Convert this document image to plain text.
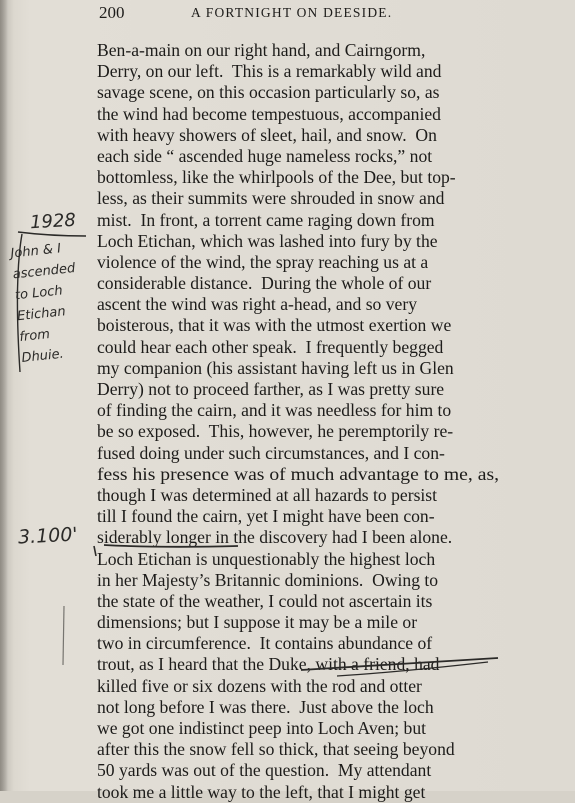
200	A FORTNIGHT ON DEESIDE.
Ben-a-main on our right hand, and Cairngorm,
Derry, on our left.  This is a remarkably wild and
savage scene, on this occasion particularly so, as
the wind had become tempestuous, accompanied
with heavy showers of sleet, hail, and snow.  On
each side “ ascended huge nameless rocks,” not
bottomless, like the whirlpools of the Dee, but top-
less, as their summits were shrouded in snow and
mist.  In front, a torrent came raging down from
Loch Etichan, which was lashed into fury by the
violence of the wind, the spray reaching us at a
considerable distance.  During the whole of our
ascent the wind was right a-head, and so very
boisterous, that it was with the utmost exertion we
could hear each other speak.  I frequently begged
my companion (his assistant having left us in Glen
Derry) not to proceed farther, as I was pretty sure
of finding the cairn, and it was needless for him to
be so exposed.  This, however, he peremptorily re-
fused doing under such circumstances, and I con-
fess his presence was of much advantage to me, as,
though I was determined at all hazards to persist
till I found the cairn, yet I might have been con-
siderably longer in the discovery had I been alone.
Loch Etichan is unquestionably the highest loch
in her Majesty’s Britannic dominions.  Owing to
the state of the weather, I could not ascertain its
dimensions; but I suppose it may be a mile or
two in circumference.  It contains abundance of
trout, as I heard that the Duke, with a friend, had
killed five or six dozens with the rod and otter
not long before I was there.  Just above the loch
we got one indistinct peep into Loch Aven; but
after this the snow fell so thick, that seeing beyond
50 yards was out of the question.  My attendant
took me a little way to the left, that I might get
1928
John & I
ascended
to Loch
Etichan
from
Dhuie.
3.100'
